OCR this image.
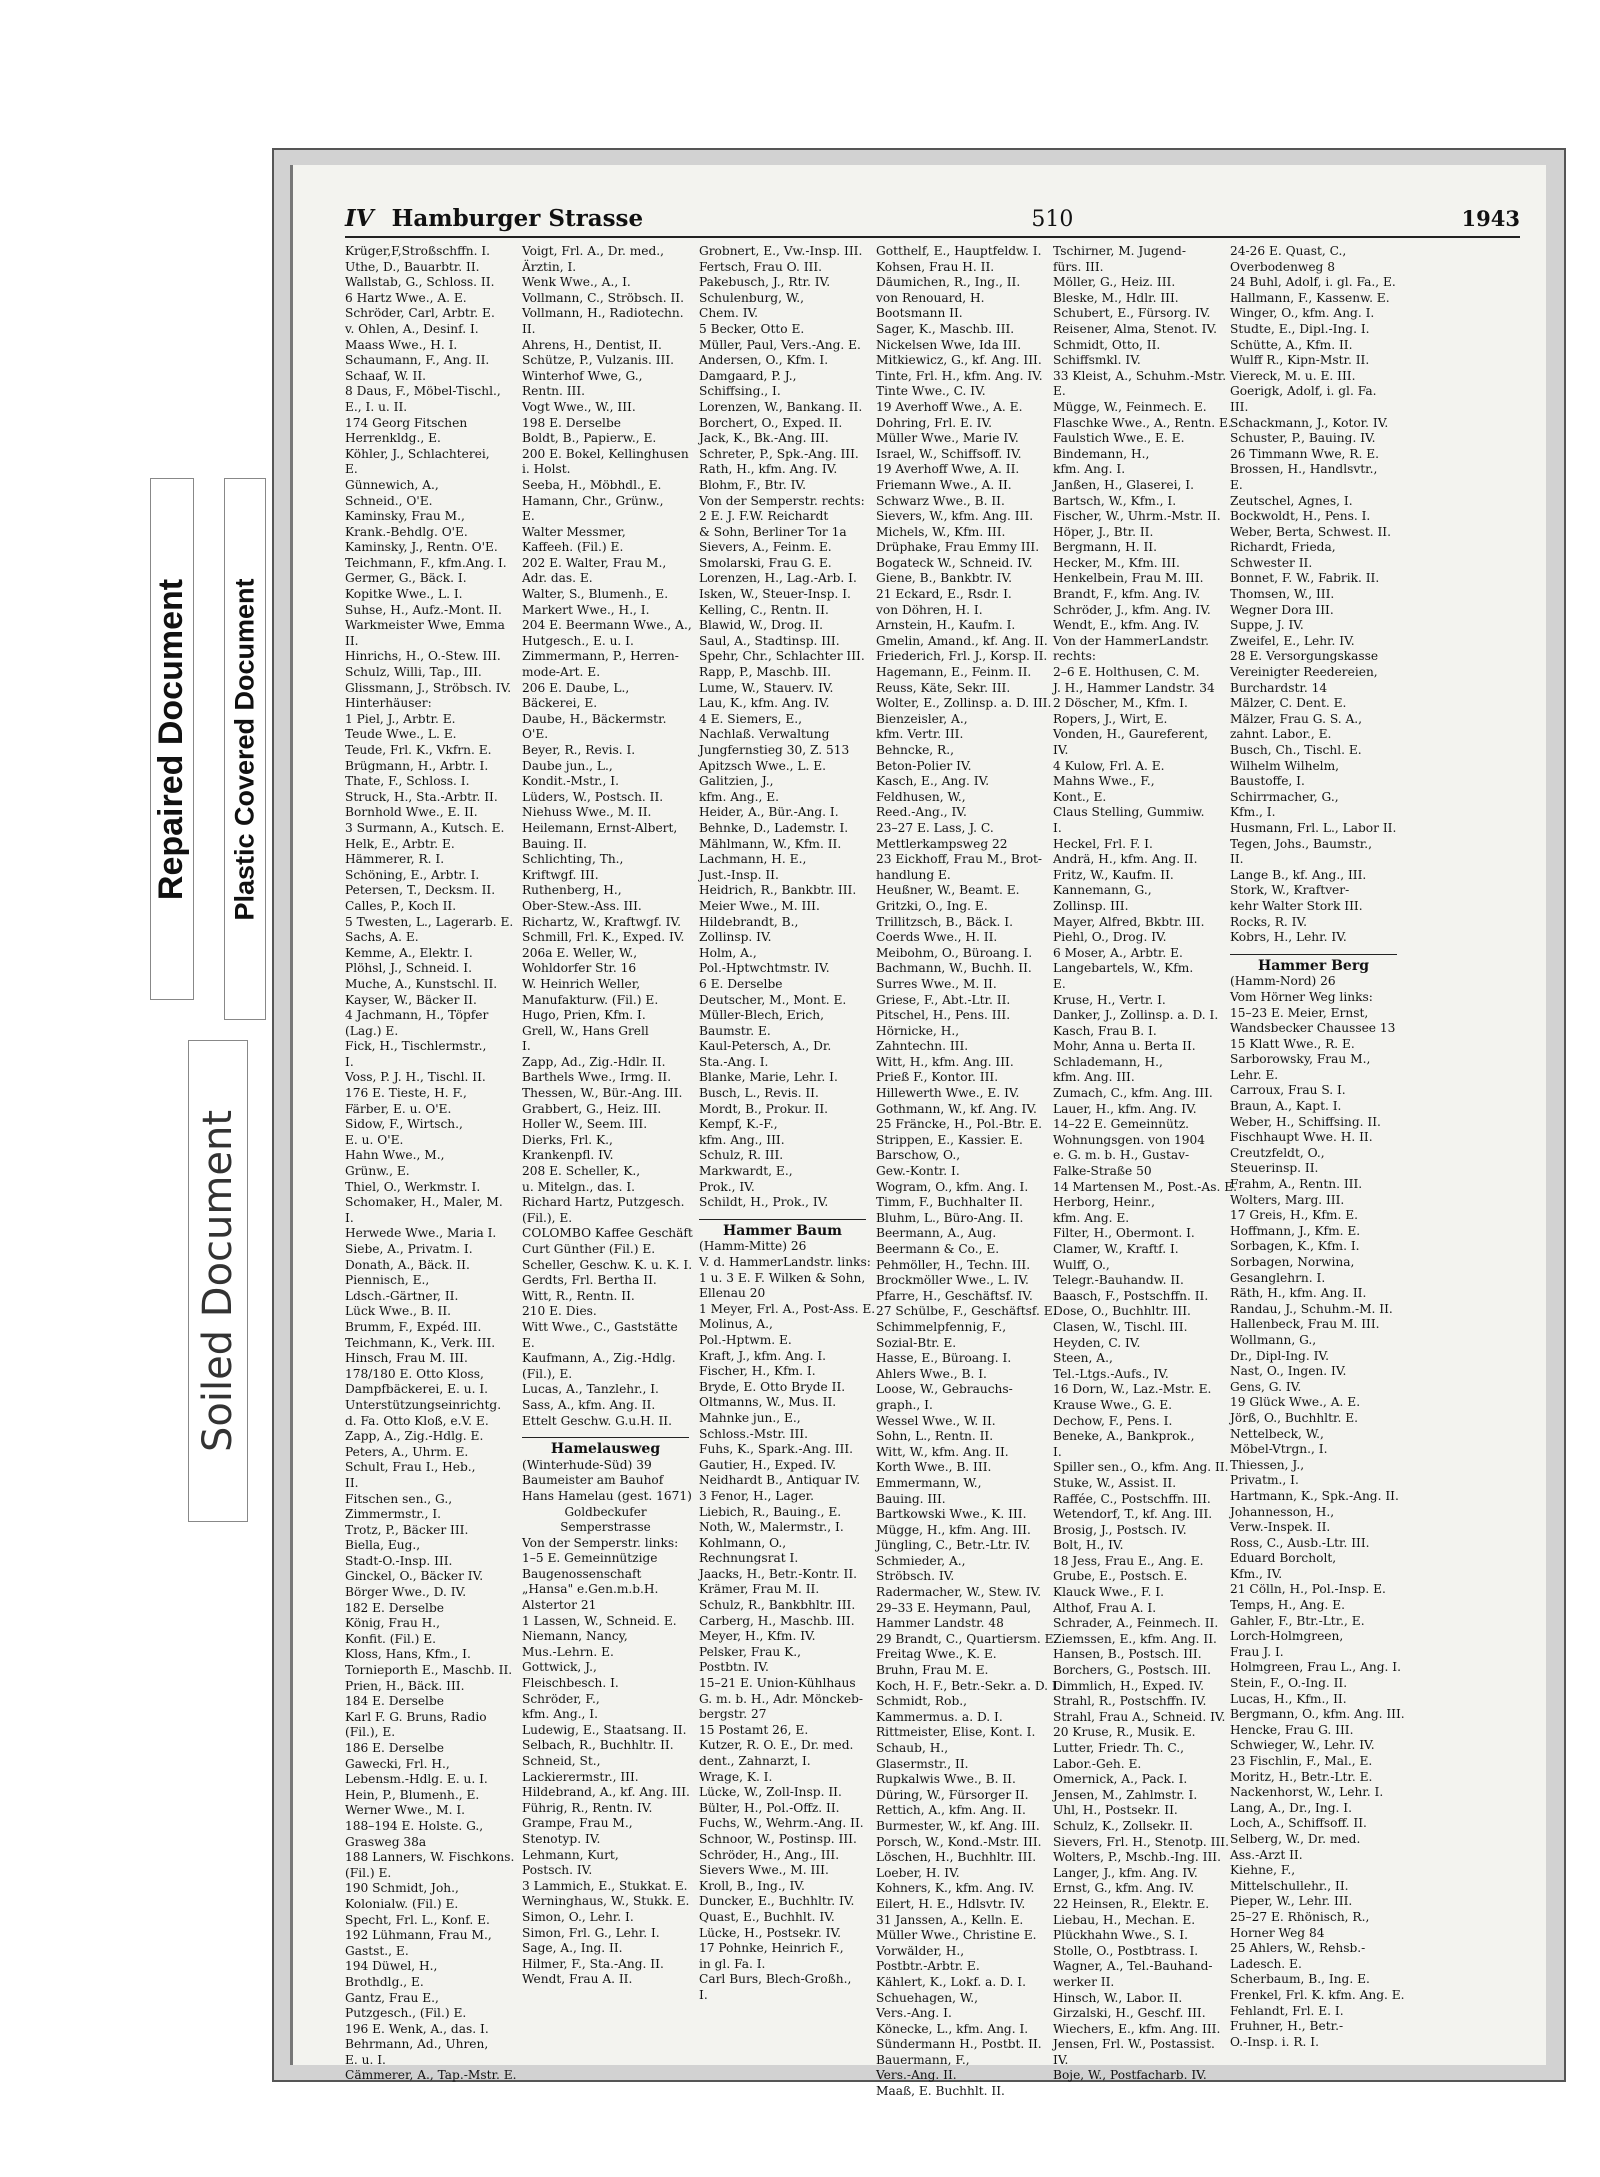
Repaired Document Plastic Covered Document
Soiled Document
IV Hamburger Strasse	510	1943
Krüger,F,Stroßschffn. I.
Uthe, D., Bauarbtr. II.
Wallstab, G., Schloss. II.
6 Hartz Wwe., A. E.
Schröder, Carl, Arbtr. E.
v. Ohlen, A., Desinf. I.
Maass Wwe., H. I.
Schaumann, F., Ang. II.
Schaaf, W. II.
8 Daus, F., Möbel-Tischl.,
E., I. u. II.
174 Georg Fitschen
Herrenkldg., E.
Köhler, J., Schlachterei,
E.
Günnewich, A.,
Schneid., O'E.
Kaminsky, Frau M.,
Krank.-Behdlg. O'E.
Kaminsky, J., Rentn. O'E.
Teichmann, F., kfm.Ang. I.
Germer, G., Bäck. I.
Kopitke Wwe., L. I.
Suhse, H., Aufz.-Mont. II.
Warkmeister Wwe, Emma
II.
Hinrichs, H., O.-Stew. III.
Schulz, Willi, Tap., III.
Glissmann, J., Ströbsch. IV.
Hinterhäuser:
1 Piel, J., Arbtr. E.
Teude Wwe., L. E.
Teude, Frl. K., Vkfrn. E.
Brügmann, H., Arbtr. I.
Thate, F., Schloss. I.
Struck, H., Sta.-Arbtr. II.
Bornhold Wwe., E. II.
3 Surmann, A., Kutsch. E.
Helk, E., Arbtr. E.
Hämmerer, R. I.
Schöning, E., Arbtr. I.
Petersen, T., Decksm. II.
Calles, P., Koch II.
5 Twesten, L., Lagerarb. E.
Sachs, A. E.
Kemme, A., Elektr. I.
Plöhsl, J., Schneid. I.
Muche, A., Kunstschl. II.
Kayser, W., Bäcker II.
4 Jachmann, H., Töpfer
(Lag.) E.
Fick, H., Tischlermstr.,
I.
Voss, P. J. H., Tischl. II.
176 E. Tieste, H. F.,
Färber, E. u. O'E.
Sidow, F., Wirtsch.,
E. u. O'E.
Hahn Wwe., M.,
Grünw., E.
Thiel, O., Werkmstr. I.
Schomaker, H., Maler, M.
I.
Herwede Wwe., Maria I.
Siebe, A., Privatm. I.
Donath, A., Bäck. II.
Piennisch, E.,
Ldsch.-Gärtner, II.
Lück Wwe., B. II.
Brumm, F., Expéd. III.
Teichmann, K., Verk. III.
Hinsch, Frau M. III.
178/180 E. Otto Kloss,
Dampfbäckerei, E. u. I.
Unterstützungseinrichtg.
d. Fa. Otto Kloß, e.V. E.
Zapp, A., Zig.-Hdlg. E.
Peters, A., Uhrm. E.
Schult, Frau I., Heb.,
II.
Fitschen sen., G.,
Zimmermstr., I.
Trotz, P., Bäcker III.
Biella, Eug.,
Stadt-O.-Insp. III.
Ginckel, O., Bäcker IV.
Börger Wwe., D. IV.
182 E. Derselbe
König, Frau H.,
Konfit. (Fil.) E.
Kloss, Hans, Kfm., I.
Tornieporth E., Maschb. II.
Prien, H., Bäck. III.
184 E. Derselbe
Karl F. G. Bruns, Radio
(Fil.), E.
186 E. Derselbe
Gawecki, Frl. H.,
Lebensm.-Hdlg. E. u. I.
Hein, P., Blumenh., E.
Werner Wwe., M. I.
188–194 E. Holste. G.,
Grasweg 38a
188 Lanners, W. Fischkons.
(Fil.) E.
190 Schmidt, Joh.,
Kolonialw. (Fil.) E.
Specht, Frl. L., Konf. E.
192 Lühmann, Frau M.,
Gastst., E.
194 Düwel, H.,
Brothdlg., E.
Gantz, Frau E.,
Putzgesch., (Fil.) E.
196 E. Wenk, A., das. I.
Behrmann, Ad., Uhren,
E. u. I.
Cämmerer, A., Tap.-Mstr. E.
Voigt, Frl. A., Dr. med.,
Ärztin, I.
Wenk Wwe., A., I.
Vollmann, C., Ströbsch. II.
Vollmann, H., Radiotechn.
II.
Ahrens, H., Dentist, II.
Schütze, P., Vulzanis. III.
Winterhof Wwe, G.,
Rentn. III.
Vogt Wwe., W., III.
198 E. Derselbe
Boldt, B., Papierw., E.
200 E. Bokel, Kellinghusen
i. Holst.
Seeba, H., Möbhdl., E.
Hamann, Chr., Grünw.,
E.
Walter Messmer,
Kaffeeh. (Fil.) E.
202 E. Walter, Frau M.,
Adr. das. E.
Walter, S., Blumenh., E.
Markert Wwe., H., I.
204 E. Beermann Wwe., A.,
Hutgesch., E. u. I.
Zimmermann, P., Herren-
mode-Art. E.
206 E. Daube, L.,
Bäckerei, E.
Daube, H., Bäckermstr.
O'E.
Beyer, R., Revis. I.
Daube jun., L.,
Kondit.-Mstr., I.
Lüders, W., Postsch. II.
Niehuss Wwe., M. II.
Heilemann, Ernst-Albert,
Bauing. II.
Schlichting, Th.,
Kriftwgf. III.
Ruthenberg, H.,
Ober-Stew.-Ass. III.
Richartz, W., Kraftwgf. IV.
Schmill, Frl. K., Exped. IV.
206a E. Weller, W.,
Wohldorfer Str. 16
W. Heinrich Weller,
Manufakturw. (Fil.) E.
Hugo, Prien, Kfm. I.
Grell, W., Hans Grell
I.
Zapp, Ad., Zig.-Hdlr. II.
Barthels Wwe., Irmg. II.
Thessen, W., Bür.-Ang. III.
Grabbert, G., Heiz. III.
Holler W., Seem. III.
Dierks, Frl. K.,
Krankenpfl. IV.
208 E. Scheller, K.,
u. Mitelgn., das. I.
Richard Hartz, Putzgesch.
(Fil.), E.
COLOMBO Kaffee Geschäft
Curt Günther (Fil.) E.
Scheller, Geschw. K. u. K. I.
Gerdts, Frl. Bertha II.
Witt, R., Rentn. II.
210 E. Dies.
Witt Wwe., C., Gaststätte
E.
Kaufmann, A., Zig.-Hdlg.
(Fil.), E.
Lucas, A., Tanzlehr., I.
Sass, A., kfm. Ang. II.
Ettelt Geschw. G.u.H. II.
Hamelausweg
(Winterhude-Süd) 39
Baumeister am Bauhof
Hans Hamelau (gest. 1671)
Goldbeckufer
Semperstrasse
Von der Semperstr. links:
1–5 E. Gemeinnützige
Baugenossenschaft
„Hansa" e.Gen.m.b.H.
Alstertor 21
1 Lassen, W., Schneid. E.
Niemann, Nancy,
Mus.-Lehrn. E.
Gottwick, J.,
Fleischbesch. I.
Schröder, F.,
kfm. Ang., I.
Ludewig, E., Staatsang. II.
Selbach, R., Buchhltr. II.
Schneid, St.,
Lackierermstr., III.
Hildebrand, A., kf. Ang. III.
Führig, R., Rentn. IV.
Grampe, Frau M.,
Stenotyp. IV.
Lehmann, Kurt,
Postsch. IV.
3 Lammich, E., Stukkat. E.
Werninghaus, W., Stukk. E.
Simon, O., Lehr. I.
Simon, Frl. G., Lehr. I.
Sage, A., Ing. II.
Hilmer, F., Sta.-Ang. II.
Wendt, Frau A. II.
Grobnert, E., Vw.-Insp. III.
Fertsch, Frau O. III.
Pakebusch, J., Rtr. IV.
Schulenburg, W.,
Chem. IV.
5 Becker, Otto E.
Müller, Paul, Vers.-Ang. E.
Andersen, O., Kfm. I.
Damgaard, P. J.,
Schiffsing., I.
Lorenzen, W., Bankang. II.
Borchert, O., Exped. II.
Jack, K., Bk.-Ang. III.
Schreter, P., Spk.-Ang. III.
Rath, H., kfm. Ang. IV.
Blohm, F., Btr. IV.
Von der Semperstr. rechts:
2 E. J. F.W. Reichardt
& Sohn, Berliner Tor 1a
Sievers, A., Feinm. E.
Smolarski, Frau G. E.
Lorenzen, H., Lag.-Arb. I.
Isken, W., Steuer-Insp. I.
Kelling, C., Rentn. II.
Blawid, W., Drog. II.
Saul, A., Stadtinsp. III.
Spehr, Chr., Schlachter III.
Rapp, P., Maschb. III.
Lume, W., Stauerv. IV.
Lau, K., kfm. Ang. IV.
4 E. Siemers, E.,
Nachlaß. Verwaltung
Jungfernstieg 30, Z. 513
Apitzsch Wwe., L. E.
Galitzien, J.,
kfm. Ang., E.
Heider, A., Bür.-Ang. I.
Behnke, D., Lademstr. I.
Mählmann, W., Kfm. II.
Lachmann, H. E.,
Just.-Insp. II.
Heidrich, R., Bankbtr. III.
Meier Wwe., M. III.
Hildebrandt, B.,
Zollinsp. IV.
Holm, A.,
Pol.-Hptwchtmstr. IV.
6 E. Derselbe
Deutscher, M., Mont. E.
Müller-Blech, Erich,
Baumstr. E.
Kaul-Petersch, A., Dr.
Sta.-Ang. I.
Blanke, Marie, Lehr. I.
Busch, L., Revis. II.
Mordt, B., Prokur. II.
Kempf, K.-F.,
kfm. Ang., III.
Schulz, R. III.
Markwardt, E.,
Prok., IV.
Schildt, H., Prok., IV.
Hammer Baum
(Hamm-Mitte) 26
V. d. HammerLandstr. links:
1 u. 3 E. F. Wilken & Sohn,
Ellenau 20
1 Meyer, Frl. A., Post-Ass. E.
Molinus, A.,
Pol.-Hptwm. E.
Kraft, J., kfm. Ang. I.
Fischer, H., Kfm. I.
Bryde, E. Otto Bryde II.
Oltmanns, W., Mus. II.
Mahnke jun., E.,
Schloss.-Mstr. III.
Fuhs, K., Spark.-Ang. III.
Gautier, H., Exped. IV.
Neidhardt B., Antiquar IV.
3 Fenor, H., Lager.
Liebich, R., Bauing., E.
Noth, W., Malermstr., I.
Kohlmann, O.,
Rechnungsrat I.
Jaacks, H., Betr.-Kontr. II.
Krämer, Frau M. II.
Schulz, R., Bankbhltr. III.
Carberg, H., Maschb. III.
Meyer, H., Kfm. IV.
Pelsker, Frau K.,
Postbtn. IV.
15–21 E. Union-Kühlhaus
G. m. b. H., Adr. Mönckeb-
bergstr. 27
15 Postamt 26, E.
Kutzer, R. O. E., Dr. med.
dent., Zahnarzt, I.
Wrage, K. I.
Lücke, W., Zoll-Insp. II.
Bülter, H., Pol.-Offz. II.
Fuchs, W., Wehrm.-Ang. II.
Schnoor, W., Postinsp. III.
Schröder, H., Ang., III.
Sievers Wwe., M. III.
Kroll, B., Ing., IV.
Duncker, E., Buchhltr. IV.
Quast, E., Buchhlt. IV.
Lücke, H., Postsekr. IV.
17 Pohnke, Heinrich F.,
in gl. Fa. I.
Carl Burs, Blech-Großh.,
I.
Gotthelf, E., Hauptfeldw. I.
Kohsen, Frau H. II.
Däumichen, R., Ing., II.
von Renouard, H.
Bootsmann II.
Sager, K., Maschb. III.
Nickelsen Wwe, Ida III.
Mitkiewicz, G., kf. Ang. III.
Tinte, Frl. H., kfm. Ang. IV.
Tinte Wwe., C. IV.
19 Averhoff Wwe., A. E.
Dohring, Frl. E. IV.
Müller Wwe., Marie IV.
Israel, W., Schiffsoff. IV.
19 Averhoff Wwe, A. II.
Friemann Wwe., A. II.
Schwarz Wwe., B. II.
Sievers, W., kfm. Ang. III.
Michels, W., Kfm. III.
Drüphake, Frau Emmy III.
Bogateck W., Schneid. IV.
Giene, B., Bankbtr. IV.
21 Eckard, E., Rsdr. I.
von Döhren, H. I.
Arnstein, H., Kaufm. I.
Gmelin, Amand., kf. Ang. II.
Friederich, Frl. J., Korsp. II.
Hagemann, E., Feinm. II.
Reuss, Käte, Sekr. III.
Wolter, E., Zollinsp. a. D. III.
Bienzeisler, A.,
kfm. Vertr. III.
Behncke, R.,
Beton-Polier IV.
Kasch, E., Ang. IV.
Feldhusen, W.,
Reed.-Ang., IV.
23–27 E. Lass, J. C.
Mettlerkampsweg 22
23 Eickhoff, Frau M., Brot-
handlung E.
Heußner, W., Beamt. E.
Gritzki, O., Ing. E.
Trillitzsch, B., Bäck. I.
Coerds Wwe., H. II.
Meibohm, O., Büroang. I.
Bachmann, W., Buchh. II.
Surres Wwe., M. II.
Griese, F., Abt.-Ltr. II.
Pitschel, H., Pens. III.
Hörnicke, H.,
Zahntechn. III.
Witt, H., kfm. Ang. III.
Prieß F., Kontor. III.
Hillewerth Wwe., E. IV.
Gothmann, W., kf. Ang. IV.
25 Fräncke, H., Pol.-Btr. E.
Strippen, E., Kassier. E.
Barschow, O.,
Gew.-Kontr. I.
Wogram, O., kfm. Ang. I.
Timm, F., Buchhalter II.
Bluhm, L., Büro-Ang. II.
Beermann, A., Aug.
Beermann & Co., E.
Pehmöller, H., Techn. III.
Brockmöller Wwe., L. IV.
Pfarre, H., Geschäftsf. IV.
27 Schülbe, F., Geschäftsf. E.
Schimmelpfennig, F.,
Sozial-Btr. E.
Hasse, E., Büroang. I.
Ahlers Wwe., B. I.
Loose, W., Gebrauchs-
graph., I.
Wessel Wwe., W. II.
Sohn, L., Rentn. II.
Witt, W., kfm. Ang. II.
Korth Wwe., B. III.
Emmermann, W.,
Bauing. III.
Bartkowski Wwe., K. III.
Mügge, H., kfm. Ang. III.
Jüngling, C., Betr.-Ltr. IV.
Schmieder, A.,
Ströbsch. IV.
Radermacher, W., Stew. IV.
29–33 E. Heymann, Paul,
Hammer Landstr. 48
29 Brandt, C., Quartiersm. E.
Freitag Wwe., K. E.
Bruhn, Frau M. E.
Koch, H. F., Betr.-Sekr. a. D. I.
Schmidt, Rob.,
Kammermus. a. D. I.
Rittmeister, Elise, Kont. I.
Schaub, H.,
Glasermstr., II.
Rupkalwis Wwe., B. II.
Düring, W., Fürsorger II.
Rettich, A., kfm. Ang. II.
Burmester, W., kf. Ang. III.
Porsch, W., Kond.-Mstr. III.
Löschen, H., Buchhltr. III.
Loeber, H. IV.
Kohners, K., kfm. Ang. IV.
Eilert, H. E., Hdlsvtr. IV.
31 Janssen, A., Kelln. E.
Müller Wwe., Christine E.
Vorwälder, H.,
Postbtr.-Arbtr. E.
Kählert, K., Lokf. a. D. I.
Schuehagen, W.,
Vers.-Ang. I.
Könecke, L., kfm. Ang. I.
Sündermann H., Postbt. II.
Bauermann, F.,
Vers.-Ang. II.
Maaß, E. Buchhlt. II.
Tschirner, M. Jugend-
fürs. III.
Möller, G., Heiz. III.
Bleske, M., Hdlr. III.
Schubert, E., Fürsorg. IV.
Reisener, Alma, Stenot. IV.
Schmidt, Otto, II.
Schiffsmkl. IV.
33 Kleist, A., Schuhm.-Mstr.
E.
Mügge, W., Feinmech. E.
Flaschke Wwe., A., Rentn. E.
Faulstich Wwe., E. E.
Bindemann, H.,
kfm. Ang. I.
Janßen, H., Glaserei, I.
Bartsch, W., Kfm., I.
Fischer, W., Uhrm.-Mstr. II.
Höper, J., Btr. II.
Bergmann, H. II.
Hecker, M., Kfm. III.
Henkelbein, Frau M. III.
Brandt, F., kfm. Ang. IV.
Schröder, J., kfm. Ang. IV.
Wendt, E., kfm. Ang. IV.
Von der HammerLandstr.
rechts:
2–6 E. Holthusen, C. M.
J. H., Hammer Landstr. 34
2 Döscher, M., Kfm. I.
Ropers, J., Wirt, E.
Vonden, H., Gaureferent,
IV.
4 Kulow, Frl. A. E.
Mahns Wwe., F.,
Kont., E.
Claus Stelling, Gummiw.
I.
Heckel, Frl. F. I.
Andrä, H., kfm. Ang. II.
Fritz, W., Kaufm. II.
Kannemann, G.,
Zollinsp. III.
Mayer, Alfred, Bkbtr. III.
Piehl, O., Drog. IV.
6 Moser, A., Arbtr. E.
Langebartels, W., Kfm.
E.
Kruse, H., Vertr. I.
Danker, J., Zollinsp. a. D. I.
Kasch, Frau B. I.
Mohr, Anna u. Berta II.
Schlademann, H.,
kfm. Ang. III.
Zumach, C., kfm. Ang. III.
Lauer, H., kfm. Ang. IV.
14–22 E. Gemeinnütz.
Wohnungsgen. von 1904
e. G. m. b. H., Gustav-
Falke-Straße 50
14 Martensen M., Post.-As. E.
Herborg, Heinr.,
kfm. Ang. E.
Filter, H., Obermont. I.
Clamer, W., Kraftf. I.
Wulff, O.,
Telegr.-Bauhandw. II.
Baasch, F., Postschffn. II.
Dose, O., Buchhltr. III.
Clasen, W., Tischl. III.
Heyden, C. IV.
Steen, A.,
Tel.-Ltgs.-Aufs., IV.
16 Dorn, W., Laz.-Mstr. E.
Krause Wwe., G. E.
Dechow, F., Pens. I.
Beneke, A., Bankprok.,
I.
Spiller sen., O., kfm. Ang. II.
Stuke, W., Assist. II.
Raffée, C., Postschffn. III.
Wetendorf, T., kf. Ang. III.
Brosig, J., Postsch. IV.
Bolt, H., IV.
18 Jess, Frau E., Ang. E.
Grube, E., Postsch. E.
Klauck Wwe., F. I.
Althof, Frau A. I.
Schrader, A., Feinmech. II.
Ziemssen, E., kfm. Ang. II.
Hansen, B., Postsch. III.
Borchers, G., Postsch. III.
Dimmlich, H., Exped. IV.
Strahl, R., Postschffn. IV.
Strahl, Frau A., Schneid. IV.
20 Kruse, R., Musik. E.
Lutter, Friedr. Th. C.,
Labor.-Geh. E.
Omernick, A., Pack. I.
Jensen, M., Zahlmstr. I.
Uhl, H., Postsekr. II.
Schulz, K., Zollsekr. II.
Sievers, Frl. H., Stenotp. III.
Wolters, P., Mschb.-Ing. III.
Langer, J., kfm. Ang. IV.
Ernst, G., kfm. Ang. IV.
22 Heinsen, R., Elektr. E.
Liebau, H., Mechan. E.
Plückhahn Wwe., S. I.
Stolle, O., Postbtrass. I.
Wagner, A., Tel.-Bauhand-
werker II.
Hinsch, W., Labor. II.
Girzalski, H., Geschf. III.
Wiechers, E., kfm. Ang. III.
Jensen, Frl. W., Postassist.
IV.
Boje, W., Postfacharb. IV.
24-26 E. Quast, C.,
Overbodenweg 8
24 Buhl, Adolf, i. gl. Fa., E.
Hallmann, F., Kassenw. E.
Winger, O., kfm. Ang. I.
Studte, E., Dipl.-Ing. I.
Schütte, A., Kfm. II.
Wulff R., Kipn-Mstr. II.
Viereck, M. u. E. III.
Goerigk, Adolf, i. gl. Fa.
III.
Schackmann, J., Kotor. IV.
Schuster, P., Bauing. IV.
26 Timmann Wwe, R. E.
Brossen, H., Handlsvtr.,
E.
Zeutschel, Agnes, I.
Bockwoldt, H., Pens. I.
Weber, Berta, Schwest. II.
Richardt, Frieda,
Schwester II.
Bonnet, F. W., Fabrik. II.
Thomsen, W., III.
Wegner Dora III.
Suppe, J. IV.
Zweifel, E., Lehr. IV.
28 E. Versorgungskasse
Vereinigter Reedereien,
Burchardstr. 14
Mälzer, C. Dent. E.
Mälzer, Frau G. S. A.,
zahnt. Labor., E.
Busch, Ch., Tischl. E.
Wilhelm Wilhelm,
Baustoffe, I.
Schirrmacher, G.,
Kfm., I.
Husmann, Frl. L., Labor II.
Tegen, Johs., Baumstr.,
II.
Lange B., kf. Ang., III.
Stork, W., Kraftver-
kehr Walter Stork III.
Rocks, R. IV.
Kobrs, H., Lehr. IV.
Hammer Berg
(Hamm-Nord) 26
Vom Hörner Weg links:
15–23 E. Meier, Ernst,
Wandsbecker Chaussee 13
15 Klatt Wwe., R. E.
Sarborowsky, Frau M.,
Lehr. E.
Carroux, Frau S. I.
Braun, A., Kapt. I.
Weber, H., Schiffsing. II.
Fischhaupt Wwe. H. II.
Creutzfeldt, O.,
Steuerinsp. II.
Frahm, A., Rentn. III.
Wolters, Marg. III.
17 Greis, H., Kfm. E.
Hoffmann, J., Kfm. E.
Sorbagen, K., Kfm. I.
Sorbagen, Norwina,
Gesanglehrn. I.
Räth, H., kfm. Ang. II.
Randau, J., Schuhm.-M. II.
Hallenbeck, Frau M. III.
Wollmann, G.,
Dr., Dipl-Ing. IV.
Nast, O., Ingen. IV.
Gens, G. IV.
19 Glück Wwe., A. E.
Jörß, O., Buchhltr. E.
Nettelbeck, W.,
Möbel-Vtrgn., I.
Thiessen, J.,
Privatm., I.
Hartmann, K., Spk.-Ang. II.
Johannesson, H.,
Verw.-Inspek. II.
Ross, C., Ausb.-Ltr. III.
Eduard Borcholt,
Kfm., IV.
21 Cölln, H., Pol.-Insp. E.
Temps, H., Ang. E.
Gahler, F., Btr.-Ltr., E.
Lorch-Holmgreen,
Frau J. I.
Holmgreen, Frau L., Ang. I.
Stein, F., O.-Ing. II.
Lucas, H., Kfm., II.
Bergmann, O., kfm. Ang. III.
Hencke, Frau G. III.
Schwieger, W., Lehr. IV.
23 Fischlin, F., Mal., E.
Moritz, H., Betr.-Ltr. E.
Nackenhorst, W., Lehr. I.
Lang, A., Dr., Ing. I.
Loch, A., Schiffsoff. II.
Selberg, W., Dr. med.
Ass.-Arzt II.
Kiehne, F.,
Mittelschullehr., II.
Pieper, W., Lehr. III.
25–27 E. Rhönisch, R.,
Horner Weg 84
25 Ahlers, W., Rehsb.-
Ladesch. E.
Scherbaum, B., Ing. E.
Frenkel, Frl. K. kfm. Ang. E.
Fehlandt, Frl. E. I.
Fruhner, H., Betr.-
O.-Insp. i. R. I.
